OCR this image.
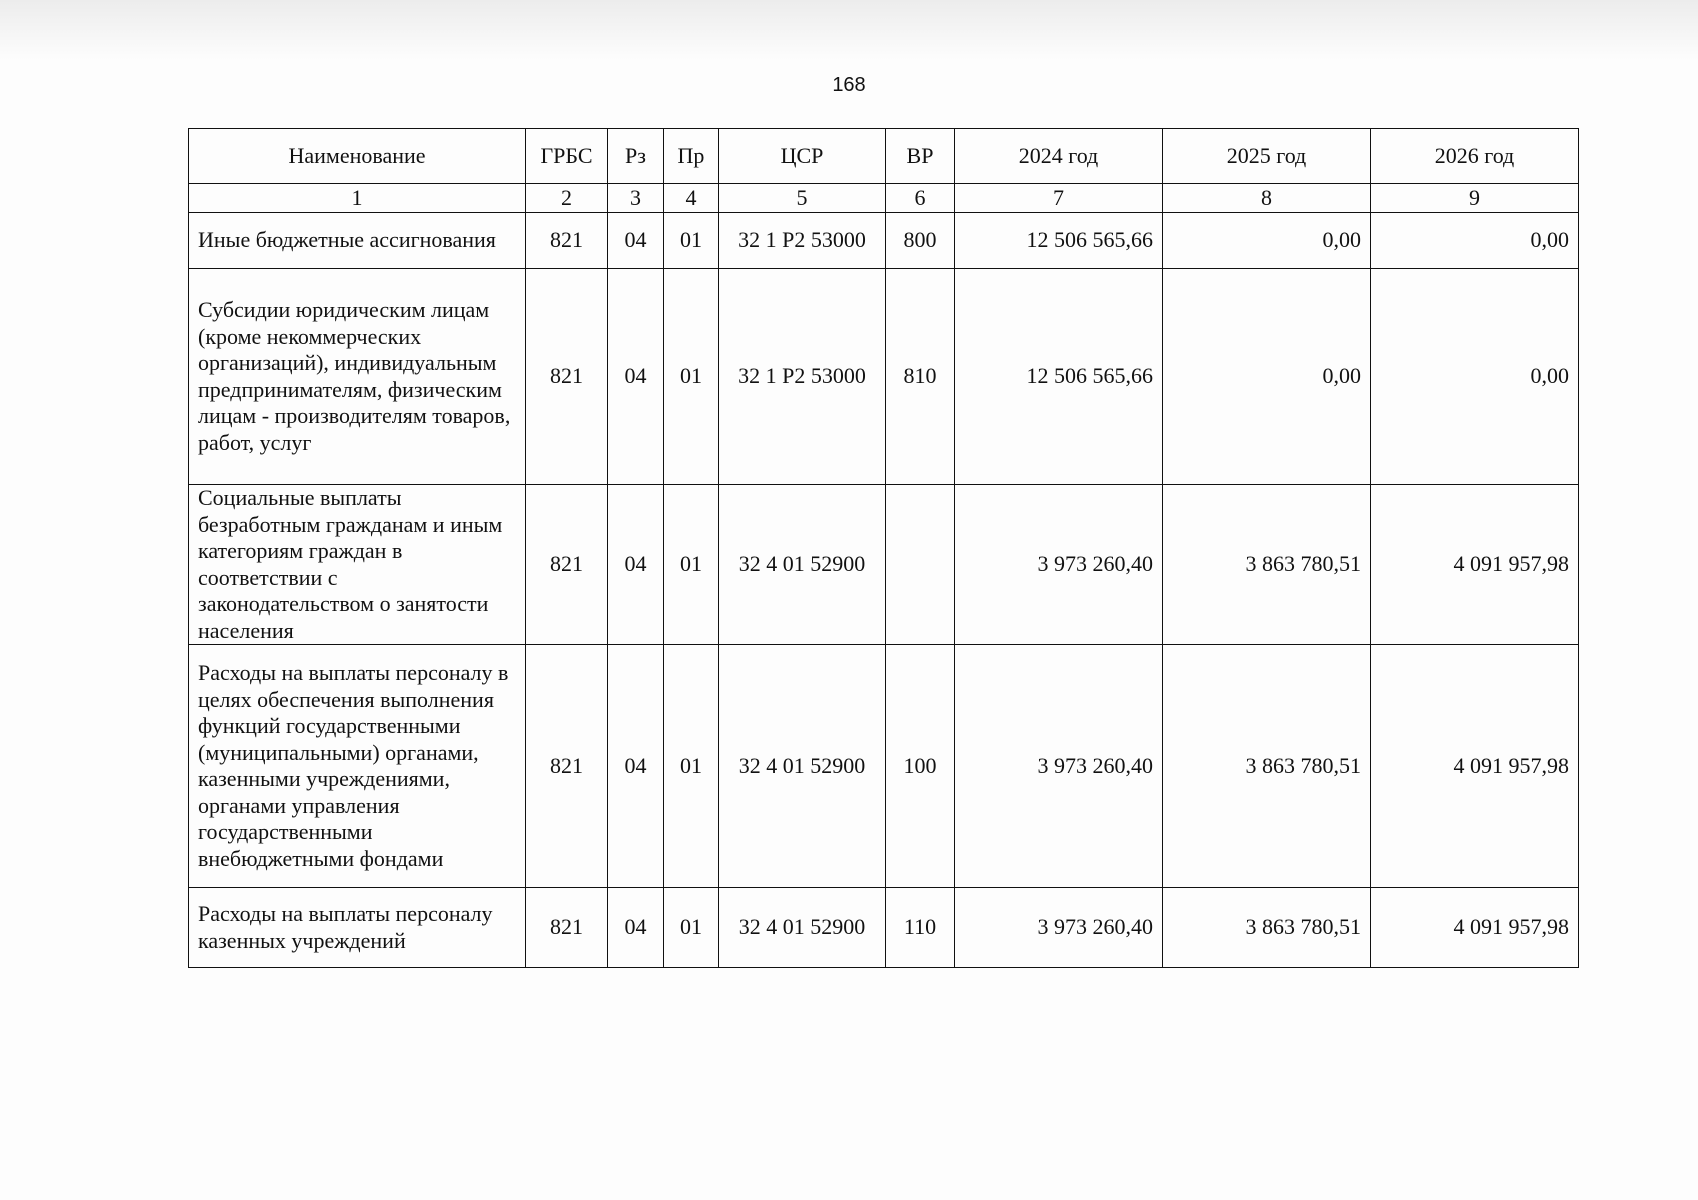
168
Наименование	ГРБС	Рз	Пр	ЦСР	ВР	2024 год	2025 год	2026 год
1	2	3	4	5	6	7	8	9
Иные бюджетные ассигнования	821	04	01	32 1 Р2 53000	800	12 506 565,66	0,00	0,00
Субсидии юридическим лицам (кроме некоммерческих организаций), индивидуальным предпринимателям, физическим лицам - производителям товаров, работ, услуг	821	04	01	32 1 Р2 53000	810	12 506 565,66	0,00	0,00
Социальные выплаты безработным гражданам и иным категориям граждан в соответствии с законодательством о занятости населения	821	04	01	32 4 01 52900		3 973 260,40	3 863 780,51	4 091 957,98
Расходы на выплаты персоналу в целях обеспечения выполнения функций государственными (муниципальными) органами, казенными учреждениями, органами управления государственными внебюджетными фондами	821	04	01	32 4 01 52900	100	3 973 260,40	3 863 780,51	4 091 957,98
Расходы на выплаты персоналу казенных учреждений	821	04	01	32 4 01 52900	110	3 973 260,40	3 863 780,51	4 091 957,98
